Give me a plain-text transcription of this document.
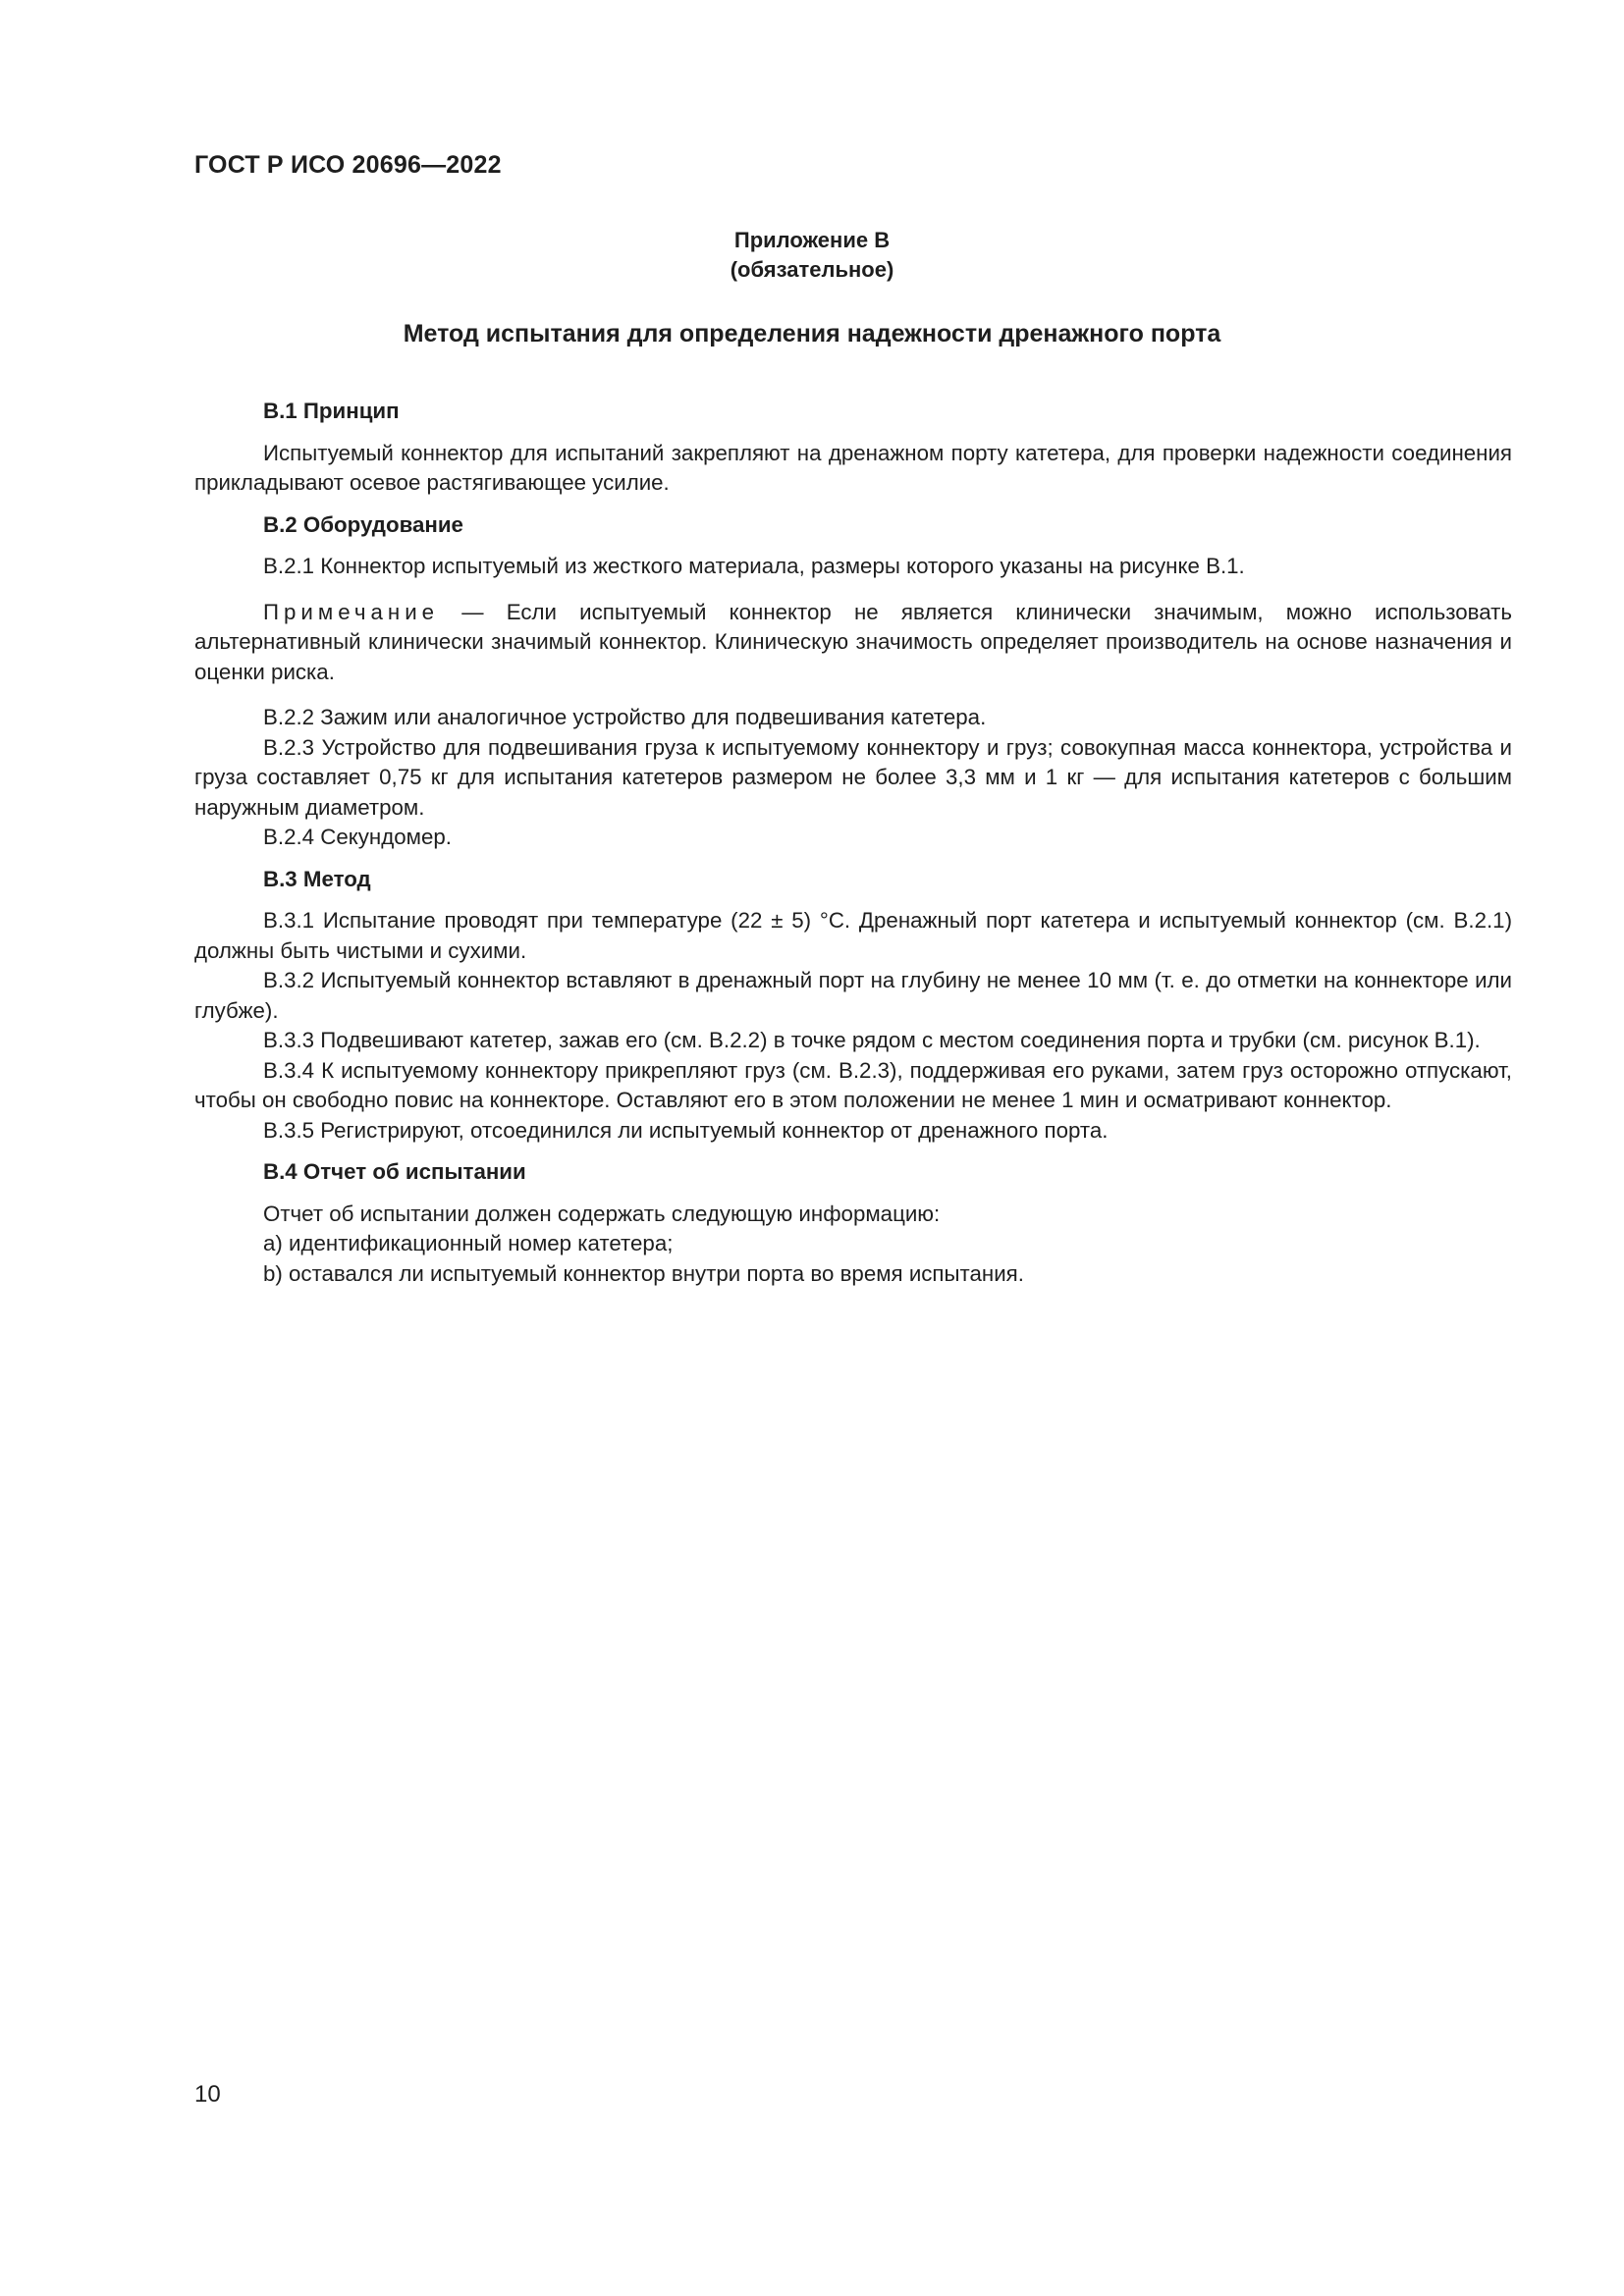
ГОСТ Р ИСО 20696—2022
Приложение В
(обязательное)
Метод испытания для определения надежности дренажного порта

В.1 Принцип

Испытуемый коннектор для испытаний закрепляют на дренажном порту катетера, для проверки надежности соединения прикладывают осевое растягивающее усилие.

В.2 Оборудование

В.2.1 Коннектор испытуемый из жесткого материала, размеры которого указаны на рисунке В.1.

Примечание — Если испытуемый коннектор не является клинически значимым, можно использовать альтернативный клинически значимый коннектор. Клиническую значимость определяет производитель на основе назначения и оценки риска.

В.2.2 Зажим или аналогичное устройство для подвешивания катетера.

В.2.3 Устройство для подвешивания груза к испытуемому коннектору и груз; совокупная масса коннектора, устройства и груза составляет 0,75 кг для испытания катетеров размером не более 3,3 мм и 1 кг — для испытания катетеров с большим наружным диаметром.

В.2.4 Секундомер.

В.3 Метод

В.3.1 Испытание проводят при температуре (22 ± 5) °С. Дренажный порт катетера и испытуемый коннектор (см. В.2.1) должны быть чистыми и сухими.

В.3.2 Испытуемый коннектор вставляют в дренажный порт на глубину не менее 10 мм (т. е. до отметки на коннекторе или глубже).

В.3.3 Подвешивают катетер, зажав его (см. В.2.2) в точке рядом с местом соединения порта и трубки (см. рисунок В.1).

В.3.4 К испытуемому коннектору прикрепляют груз (см. В.2.3), поддерживая его руками, затем груз осторожно отпускают, чтобы он свободно повис на коннекторе. Оставляют его в этом положении не менее 1 мин и осматривают коннектор.

В.3.5 Регистрируют, отсоединился ли испытуемый коннектор от дренажного порта.

В.4 Отчет об испытании

Отчет об испытании должен содержать следующую информацию:

а) идентификационный номер катетера;

b) оставался ли испытуемый коннектор внутри порта во время испытания.

10
